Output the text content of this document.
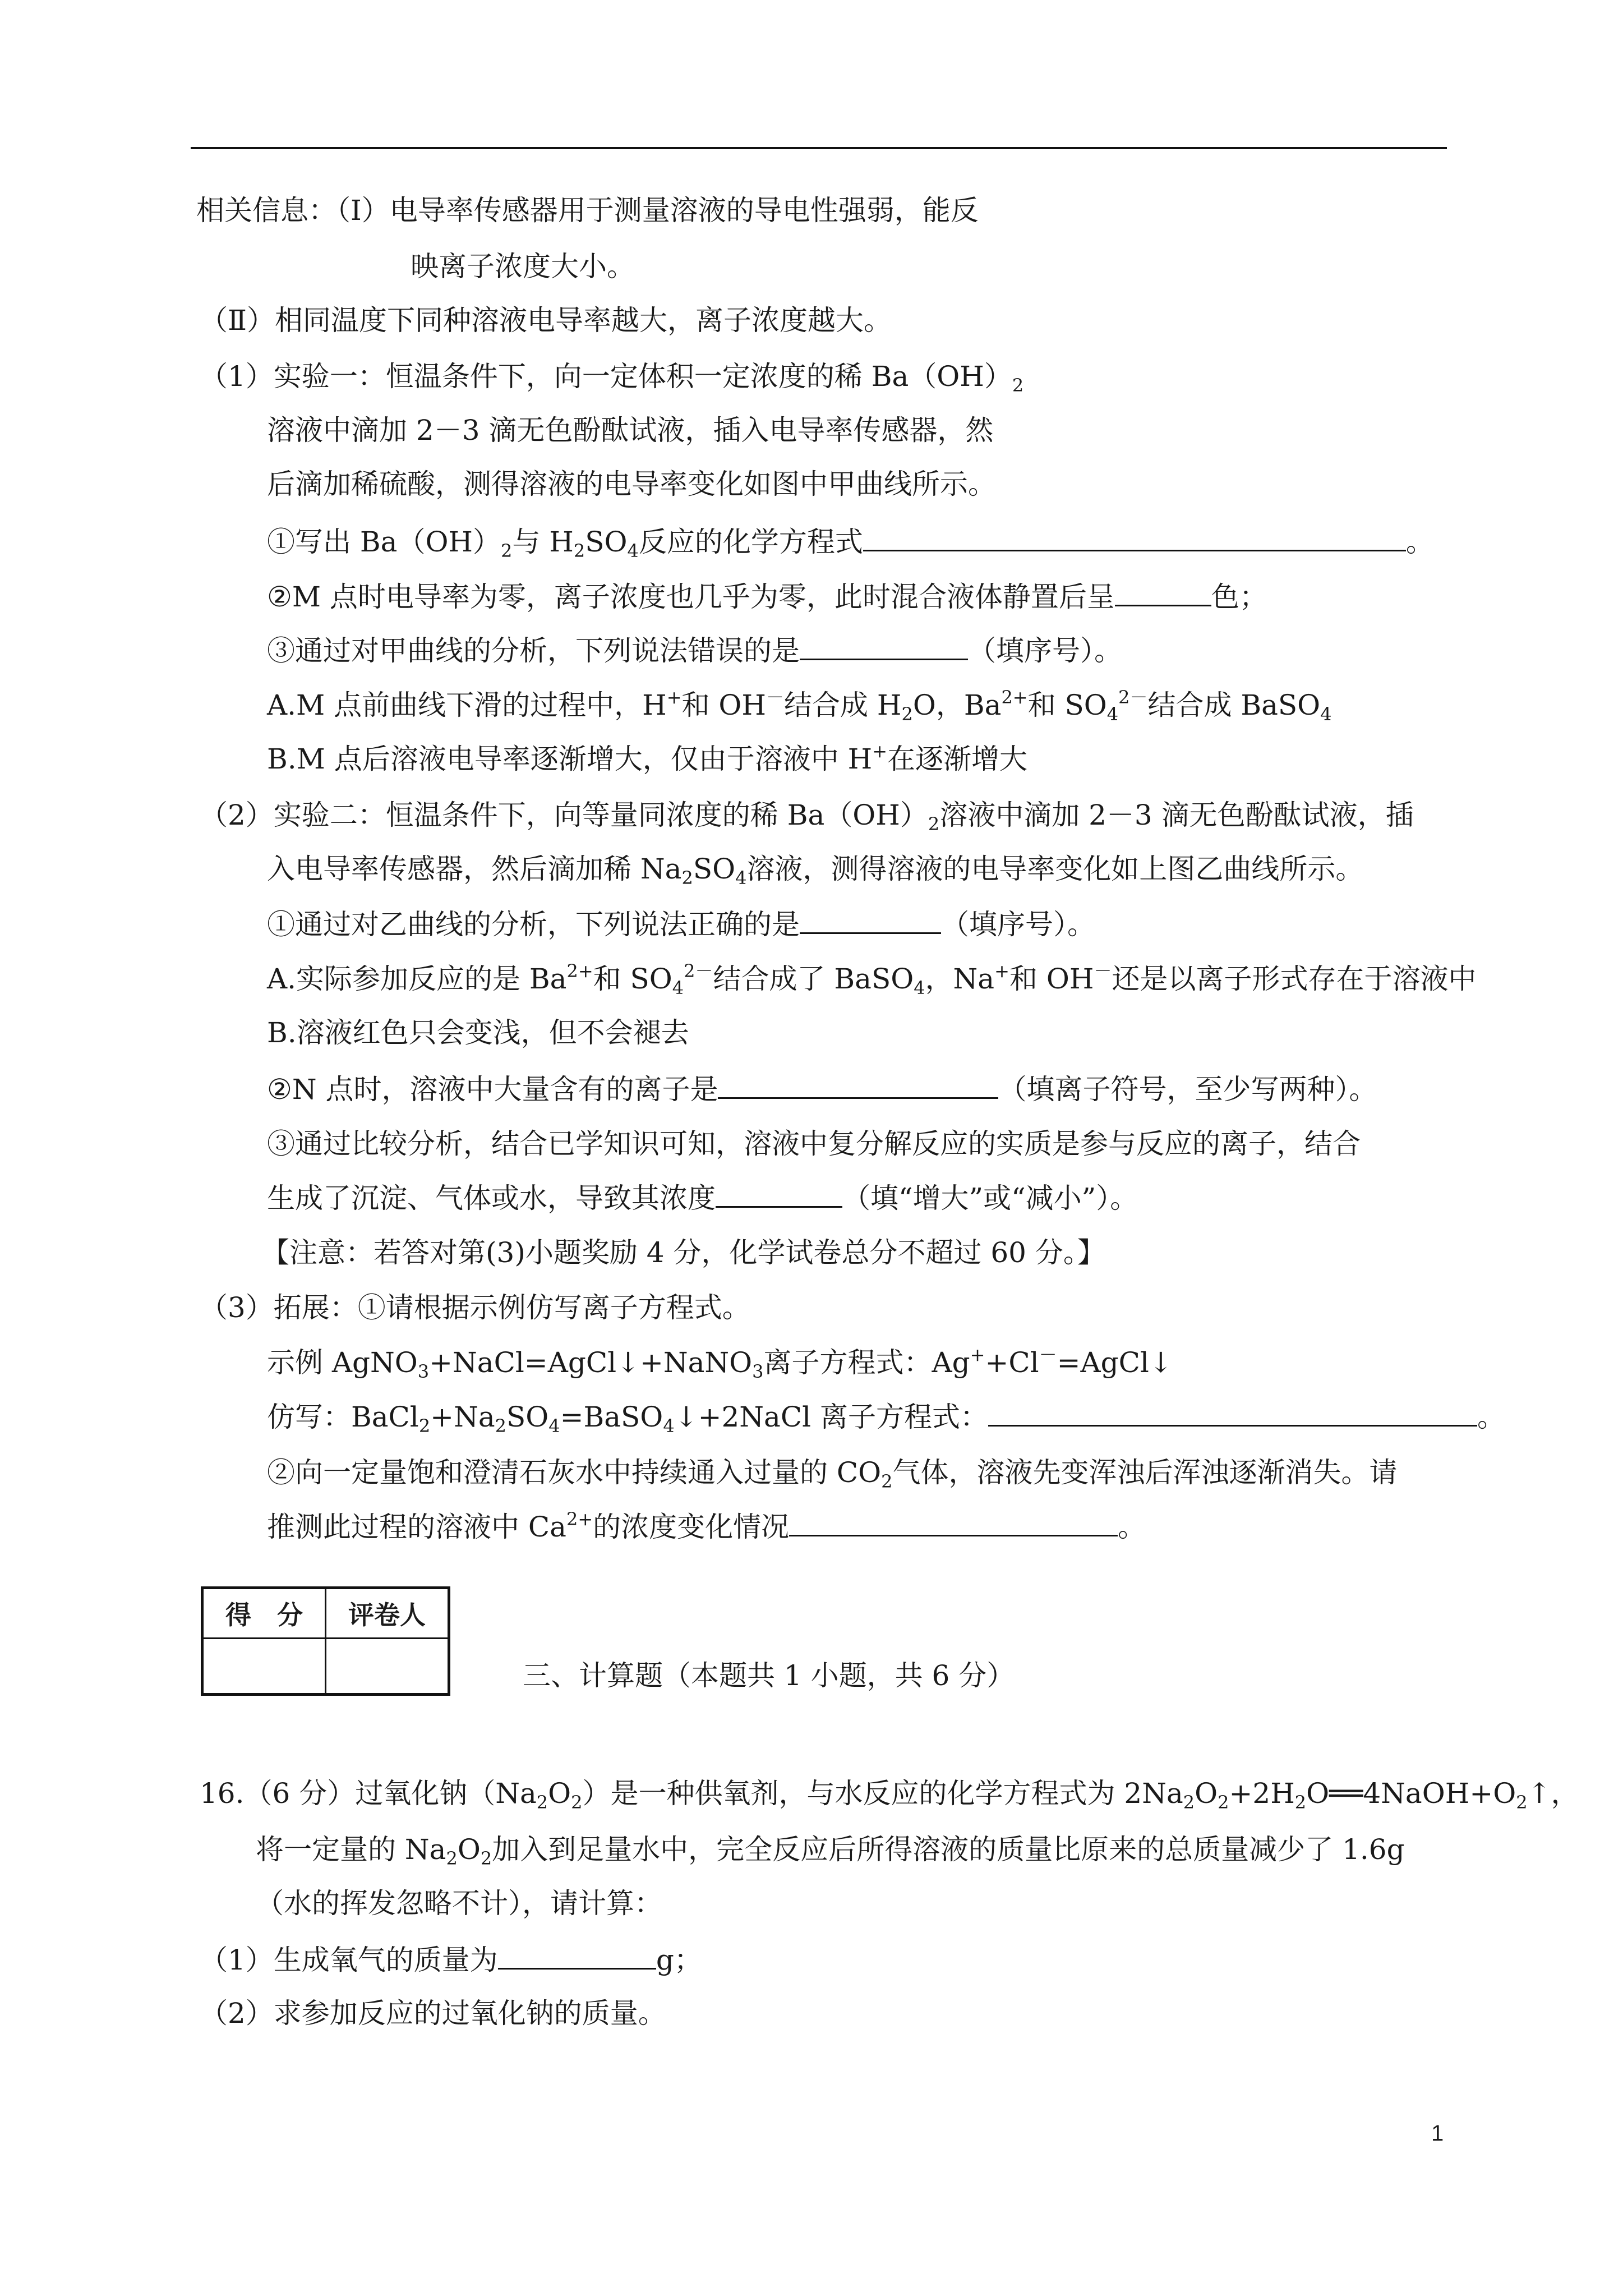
相关信息：（Ⅰ）电导率传感器用于测量溶液的导电性强弱，能反
映离子浓度大小。
（Ⅱ）相同温度下同种溶液电导率越大，离子浓度越大。
（1）实验一：恒温条件下，向一定体积一定浓度的稀 $Ba(OH)_2$
溶液中滴加 2－3 滴无色酚酞试液，插入电导率传感器，然
后滴加稀硫酸，测得溶液的电导率变化如图中甲曲线所示。
①写出 $Ba(OH)_2$与 $H_2SO_4$反应的化学方程式	。
②M 点时电导率为零，离子浓度也几乎为零，此时混合液体静置后呈	色；
③通过对甲曲线的分析，下列说法错误的是	（填序号）。
A.M 点前曲线下滑的过程中，H+和 OH－结合成 $H_2O$，$Ba^{2+}$和 $SO_4^{2-}$结合成 BaSO$_4$
B.M 点后溶液电导率逐渐增大，仅由于溶液中 H+在逐渐增大
（2）实验二：恒温条件下，向等量同浓度的稀 $Ba(OH)_2$溶液中滴加 2－3 滴无色酚酞试液，插
入电导率传感器，然后滴加稀 $Na_2SO_4$溶液，测得溶液的电导率变化如上图乙曲线所示。
①通过对乙曲线的分析，下列说法正确的是	（填序号）。
A.实际参加反应的是 $Ba^{2+}$和 $SO_4^{2-}$结合成了 BaSO$_4$，Na+和 OH－还是以离子形式存在于溶液中
B.溶液红色只会变浅，但不会褪去
②N 点时，溶液中大量含有的离子是	（填离子符号，至少写两种）。
③通过比较分析，结合已学知识可知，溶液中复分解反应的实质是参与反应的离子，结合
生成了沉淀、气体或水，导致其浓度	（填“增大”或“减小”）。
【注意：若答对第(3)小题奖励 4 分，化学试卷总分不超过 60 分。】
（3）拓展：①请根据示例仿写离子方程式。
示例 AgNO$_3$+NaCl=AgCl↓+NaNO$_3$离子方程式：Ag++Cl－=AgCl↓
仿写：$BaCl_2+Na_2SO_4=BaSO_4↓+2NaCl$ 离子方程式：	。
②向一定量饱和澄清石灰水中持续通入过量的 $CO_2$气体，溶液先变浑浊后浑浊逐渐消失。请
推测此过程的溶液中 $Ca^{2+}$的浓度变化情况	。
得　分	评卷人

三、计算题（本题共 1 小题，共 6 分）
16.（6 分）过氧化钠$(Na_2O_2)$是一种供氧剂，与水反应的化学方程式为 $2Na_2O_2+2H_2O══4NaOH+O_2↑$，
将一定量的 $Na_2O_2$加入到足量水中，完全反应后所得溶液的质量比原来的总质量减少了 1.6g
（水的挥发忽略不计），请计算：
（1）生成氧气的质量为	g；
（2）求参加反应的过氧化钠的质量。
1
